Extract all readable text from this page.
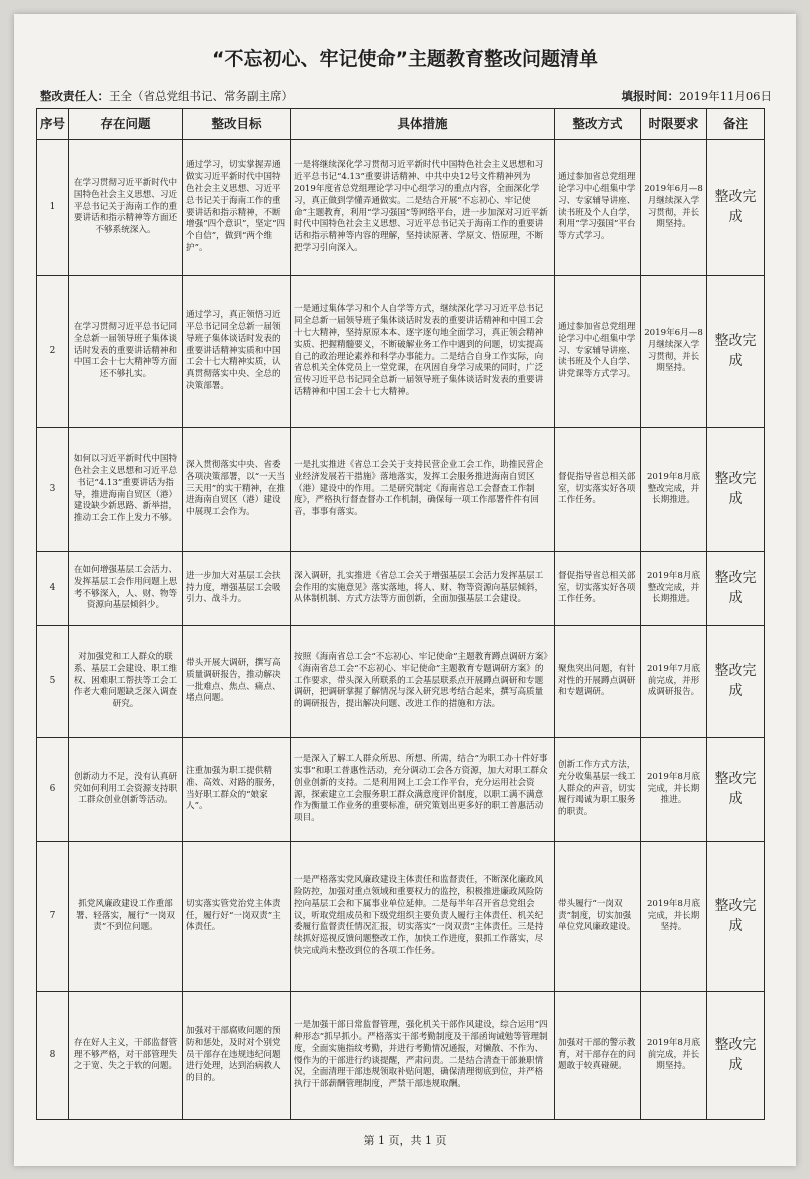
“不忘初心、牢记使命”主题教育整改问题清单
整改责任人：王全（省总党组书记、常务副主席）	填报时间：2019年11月06日
序号	存在问题	整改目标	具体措施	整改方式	时限要求	备注
1	在学习贯彻习近平新时代中国特色社会主义思想、习近平总书记关于海南工作的重要讲话和指示精神等方面还不够系统深入。	通过学习，切实掌握弄通做实习近平新时代中国特色社会主义思想、习近平总书记关于海南工作的重要讲话和指示精神，不断增强“四个意识”，坚定“四个自信”，做到“两个维护”。	一是将继续深化学习贯彻习近平新时代中国特色社会主义思想和习近平总书记“4.13”重要讲话精神、中共中央12号文件精神列为2019年度省总党组理论学习中心组学习的重点内容，全面深化学习，真正做到学懂弄通做实。二是结合开展“不忘初心、牢记使命”主题教育，利用“学习强国”等网络平台，进一步加深对习近平新时代中国特色社会主义思想、习近平总书记关于海南工作的重要讲话和指示精神等内容的理解，坚持读原著、学原文、悟原理，不断把学习引向深入。	通过参加省总党组理论学习中心组集中学习、专家辅导讲座、读书班及个人自学，利用“学习强国”平台等方式学习。	2019年6月—8月继续深入学习贯彻，并长期坚持。	整改完成
2	在学习贯彻习近平总书记同全总新一届领导班子集体谈话时发表的重要讲话精神和中国工会十七大精神等方面还不够扎实。	通过学习，真正领悟习近平总书记同全总新一届领导班子集体谈话时发表的重要讲话精神实质和中国工会十七大精神实质，认真贯彻落实中央、全总的决策部署。	一是通过集体学习和个人自学等方式，继续深化学习习近平总书记同全总新一届领导班子集体谈话时发表的重要讲话精神和中国工会十七大精神，坚持原原本本、逐字逐句地全面学习，真正领会精神实质、把握精髓要义，不断破解业务工作中遇到的问题，切实提高自己的政治理论素养和科学办事能力。二是结合自身工作实际，向省总机关全体党员上一堂党课，在巩固自身学习成果的同时，广泛宣传习近平总书记同全总新一届领导班子集体谈话时发表的重要讲话精神和中国工会十七大精神。	通过参加省总党组理论学习中心组集中学习、专家辅导讲座、读书班及个人自学、讲党课等方式学习。	2019年6月—8月继续深入学习贯彻，并长期坚持。	整改完成
3	如何以习近平新时代中国特色社会主义思想和习近平总书记“4.13”重要讲话为指导，推进海南自贸区（港）建设缺少新思路、新举措，推动工会工作上发力不够。	深入贯彻落实中央、省委各项决策部署，以“一天当三天用”的实干精神，在推进海南自贸区（港）建设中展现工会作为。	一是扎实推进《省总工会关于支持民营企业工会工作，助推民营企业经济发展若干措施》落地落实，发挥工会服务推进海南自贸区（港）建设中的作用。二是研究制定《海南省总工会督查工作制度》，严格执行督查督办工作机制，确保每一项工作部署件件有回音，事事有落实。	督促指导省总相关部室，切实落实好各项工作任务。	2019年8月底整改完成，并长期推进。	整改完成
4	在如何增强基层工会活力、发挥基层工会作用问题上思考不够深入，人、财、物等资源向基层倾斜少。	进一步加大对基层工会扶持力度，增强基层工会吸引力、战斗力。	深入调研，扎实推进《省总工会关于增强基层工会活力发挥基层工会作用的实施意见》落实落地，将人、财、物等资源向基层倾斜，从体制机制、方式方法等方面创新，全面加强基层工会建设。	督促指导省总相关部室，切实落实好各项工作任务。	2019年8月底整改完成，并长期推进。	整改完成
5	对加强党和工人群众的联系、基层工会建设、职工维权、困难职工帮扶等工会工作老大难问题缺乏深入调查研究。	带头开展大调研，撰写高质量调研报告，推动解决一批难点、焦点、痛点、堵点问题。	按照《海南省总工会“不忘初心、牢记使命”主题教育蹲点调研方案》《海南省总工会“不忘初心、牢记使命”主题教育专题调研方案》的工作要求，带头深入所联系的工会基层联系点开展蹲点调研和专题调研，把调研掌握了解情况与深入研究思考结合起来，撰写高质量的调研报告，提出解决问题、改进工作的措施和方法。	聚焦突出问题，有针对性的开展蹲点调研和专题调研。	2019年7月底前完成，并形成调研报告。	整改完成
6	创新动力不足，没有认真研究如何利用工会资源支持职工群众创业创新等活动。	注重加强为职工提供精准、高效、对路的服务，当好职工群众的“娘家人”。	一是深入了解工人群众所思、所想、所需，结合“为职工办十件好事实事”和职工普惠性活动，充分调动工会各方资源，加大对职工群众创业创新的支持。二是利用网上工会工作平台，充分运用社会资源，探索建立工会服务职工群众满意度评价制度，以职工满不满意作为衡量工作业务的重要标准，研究策划出更多好的职工普惠活动项目。	创新工作方式方法，充分收集基层一线工人群众的声音，切实履行竭诚为职工服务的职责。	2019年8月底完成，并长期推进。	整改完成
7	抓党风廉政建设工作重部署、轻落实，履行“一岗双责”不到位问题。	切实落实管党治党主体责任，履行好“一岗双责”主体责任。	一是严格落实党风廉政建设主体责任和监督责任，不断深化廉政风险防控，加强对重点领域和重要权力的监控，积极推进廉政风险防控向基层工会和下属事业单位延伸。二是每半年召开省总党组会议，听取党组成员和下级党组织主要负责人履行主体责任、机关纪委履行监督责任情况汇报，切实落实“一岗双责”主体责任。三是持续抓好巡视反馈问题整改工作，加快工作进度，狠抓工作落实，尽快完成尚未整改到位的各项工作任务。	带头履行“一岗双责”制度，切实加强单位党风廉政建设。	2019年8月底完成，并长期坚持。	整改完成
8	存在好人主义，干部监督管理不够严格，对干部管理失之于宽、失之于软的问题。	加强对干部腐败问题的预防和惩处，及时对个别党员干部存在违规违纪问题进行处理，达到治病救人的目的。	一是加强干部日常监督管理，强化机关干部作风建设，综合运用“四种形态”抓早抓小。严格落实干部考勤制度及干部函询诫勉等管理制度，全面实施指纹考勤，并进行考勤情况通报，对懒散、不作为、慢作为的干部进行约谈提醒，严肃问责。二是结合清查干部兼职情况，全面清理干部违规领取补贴问题，确保清理彻底到位，并严格执行干部薪酬管理制度，严禁干部违规取酬。	加强对干部的警示教育，对干部存在的问题敢于较真碰硬。	2019年8月底前完成，并长期坚持。	整改完成
第 1 页，共 1 页
